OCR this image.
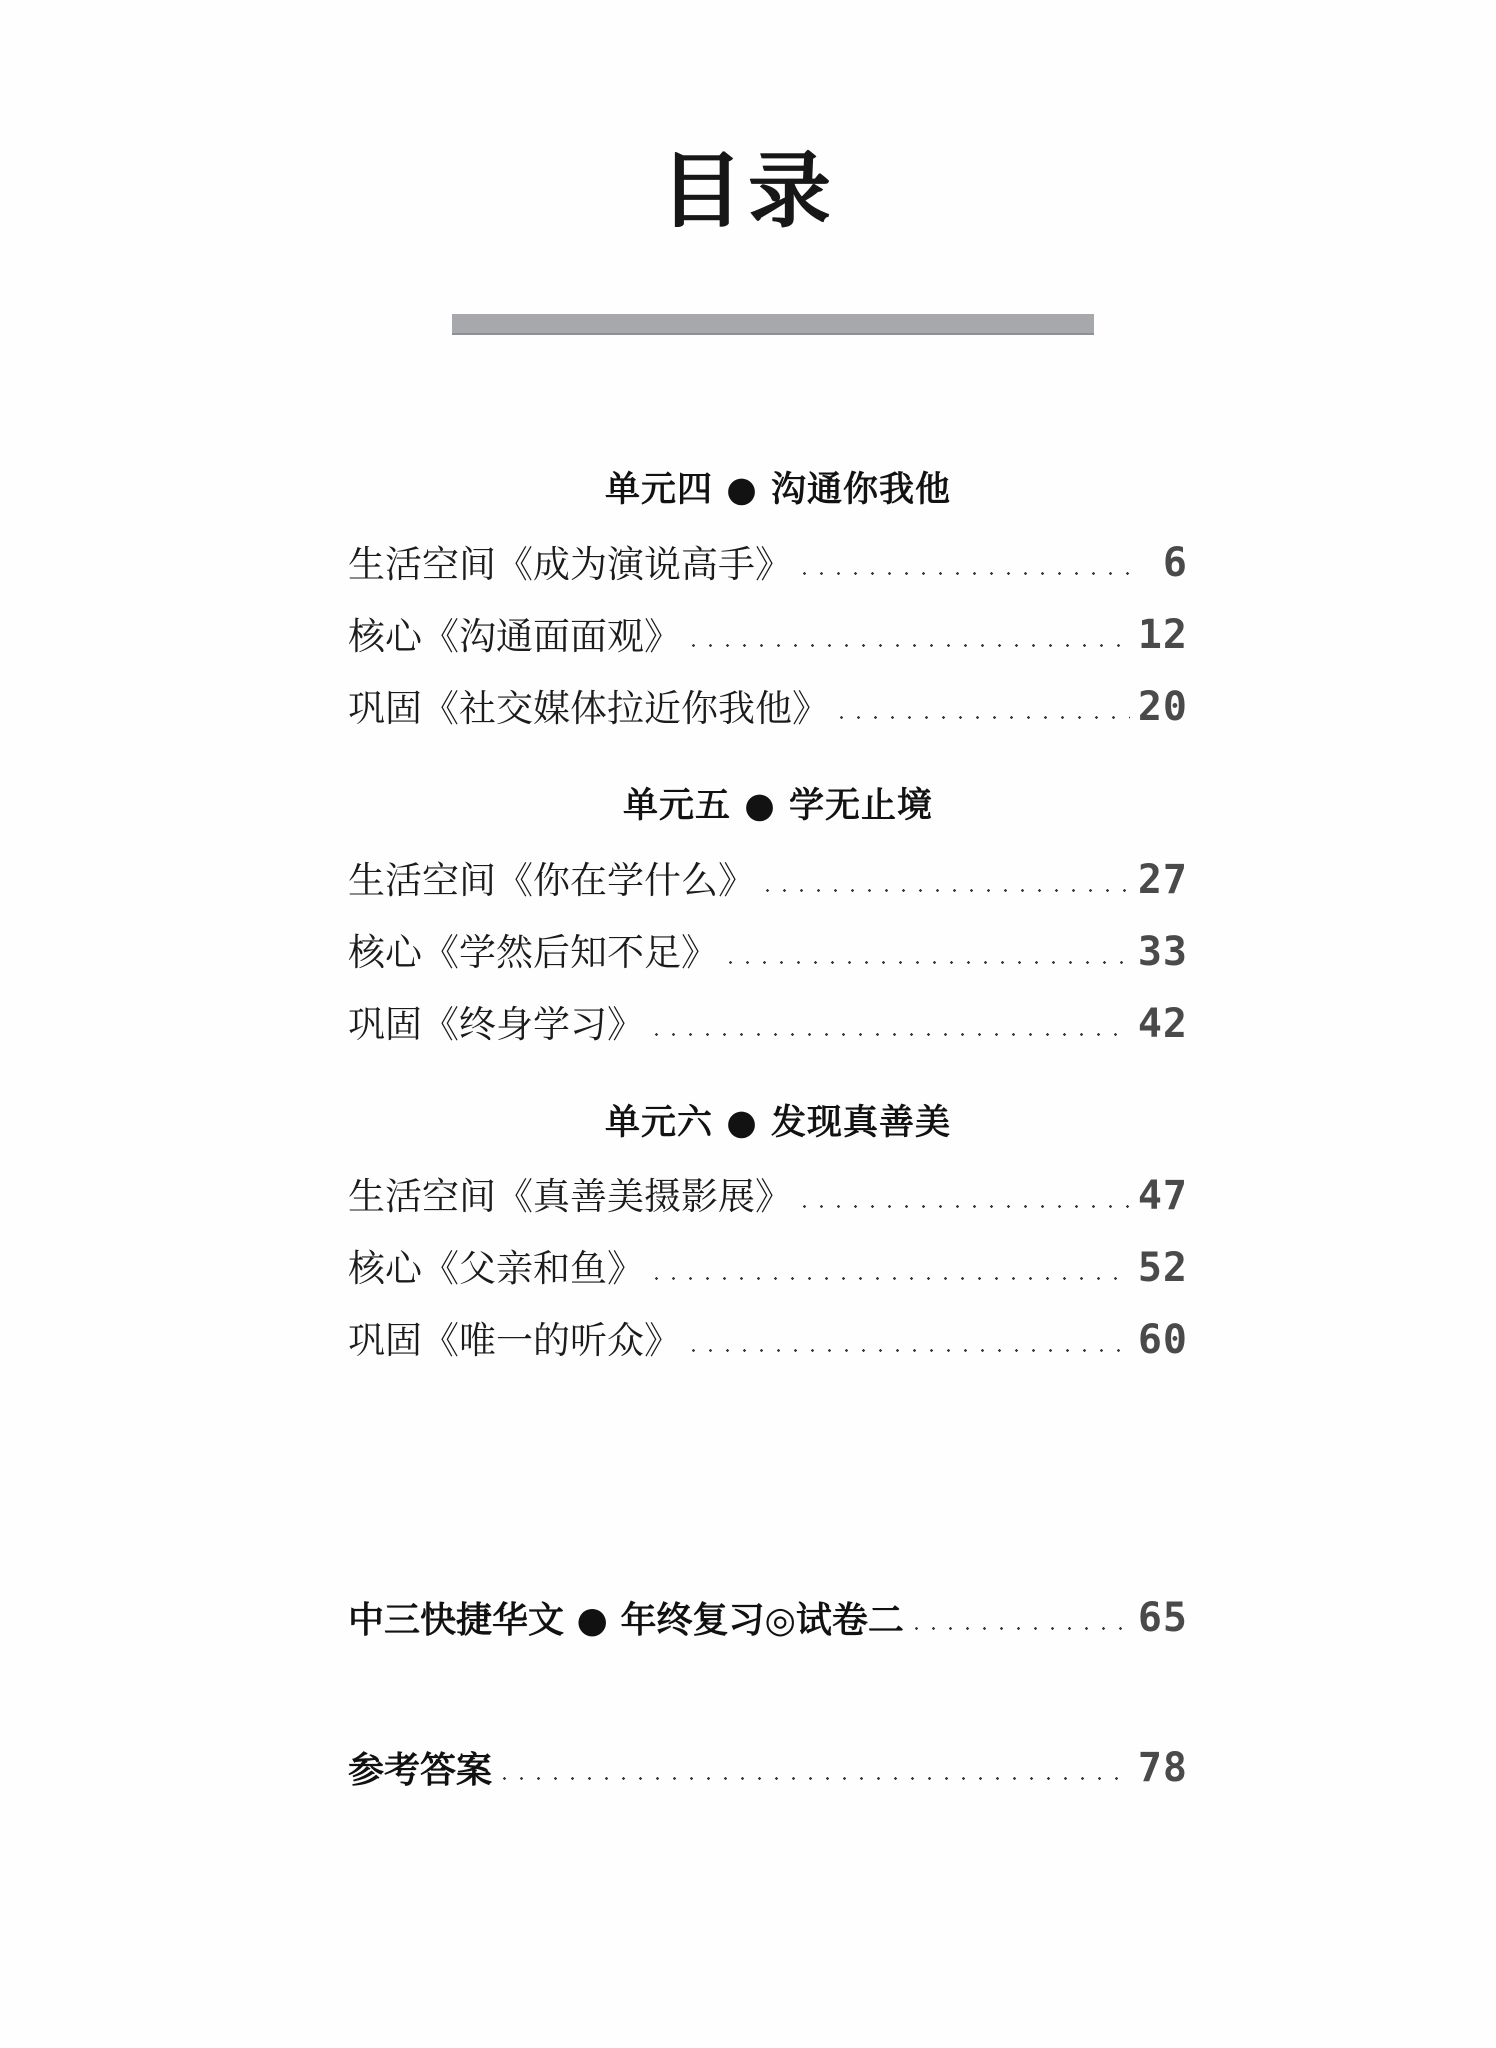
目录
单元四 ● 沟通你我他
生活空间《成为演说高手》	6
核心《沟通面面观》	12
巩固《社交媒体拉近你我他》	20
单元五 ● 学无止境
生活空间《你在学什么》	27
核心《学然后知不足》	33
巩固《终身学习》	42
单元六 ● 发现真善美
生活空间《真善美摄影展》	47
核心《父亲和鱼》	52
巩固《唯一的听众》	60
中三快捷华文 ● 年终复习◎试卷二	65
参考答案	78
